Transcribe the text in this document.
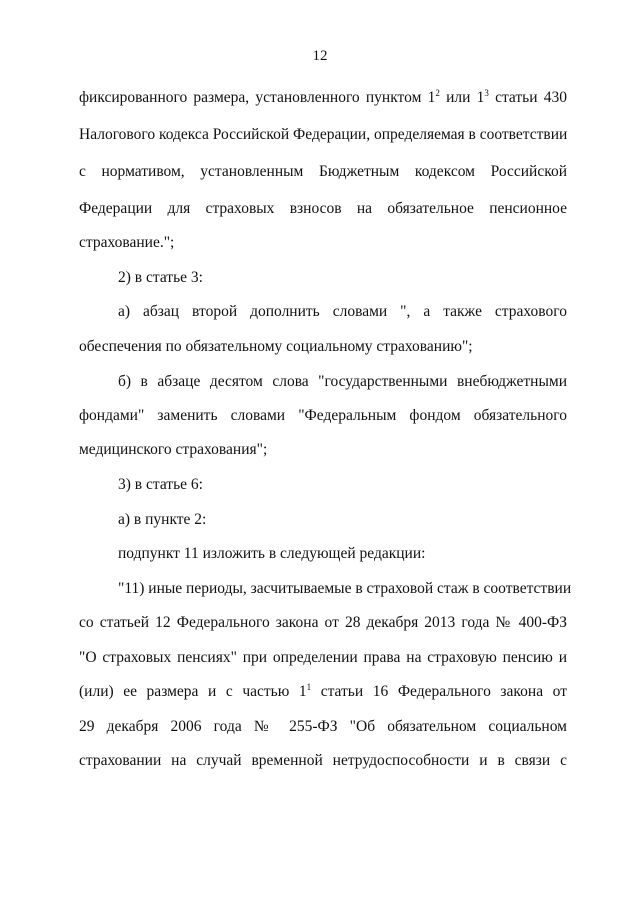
12
фиксированного размера, установленного пунктом $1^2$ или $1^3$ статьи 430
Налогового кодекса Российской Федерации, определяемая в соответствии
с нормативом, установленным Бюджетным кодексом Российской
Федерации для страховых взносов на обязательное пенсионное
страхование.";
2) в статье 3:
а) абзац второй дополнить словами ", а также страхового
обеспечения по обязательному социальному страхованию";
б) в абзаце десятом слова "государственными внебюджетными
фондами" заменить словами "Федеральным фондом обязательного
медицинского страхования";
3) в статье 6:
а) в пункте 2:
подпункт 11 изложить в следующей редакции:
"11) иные периоды, засчитываемые в страховой стаж в соответствии
со статьей 12 Федерального закона от 28 декабря 2013 года № 400-ФЗ
"О страховых пенсиях" при определении права на страховую пенсию и
(или) ее размера и с частью $1^1$ статьи 16 Федерального закона от
29 декабря 2006 года № 255-ФЗ "Об обязательном социальном
страховании на случай временной нетрудоспособности и в связи с
